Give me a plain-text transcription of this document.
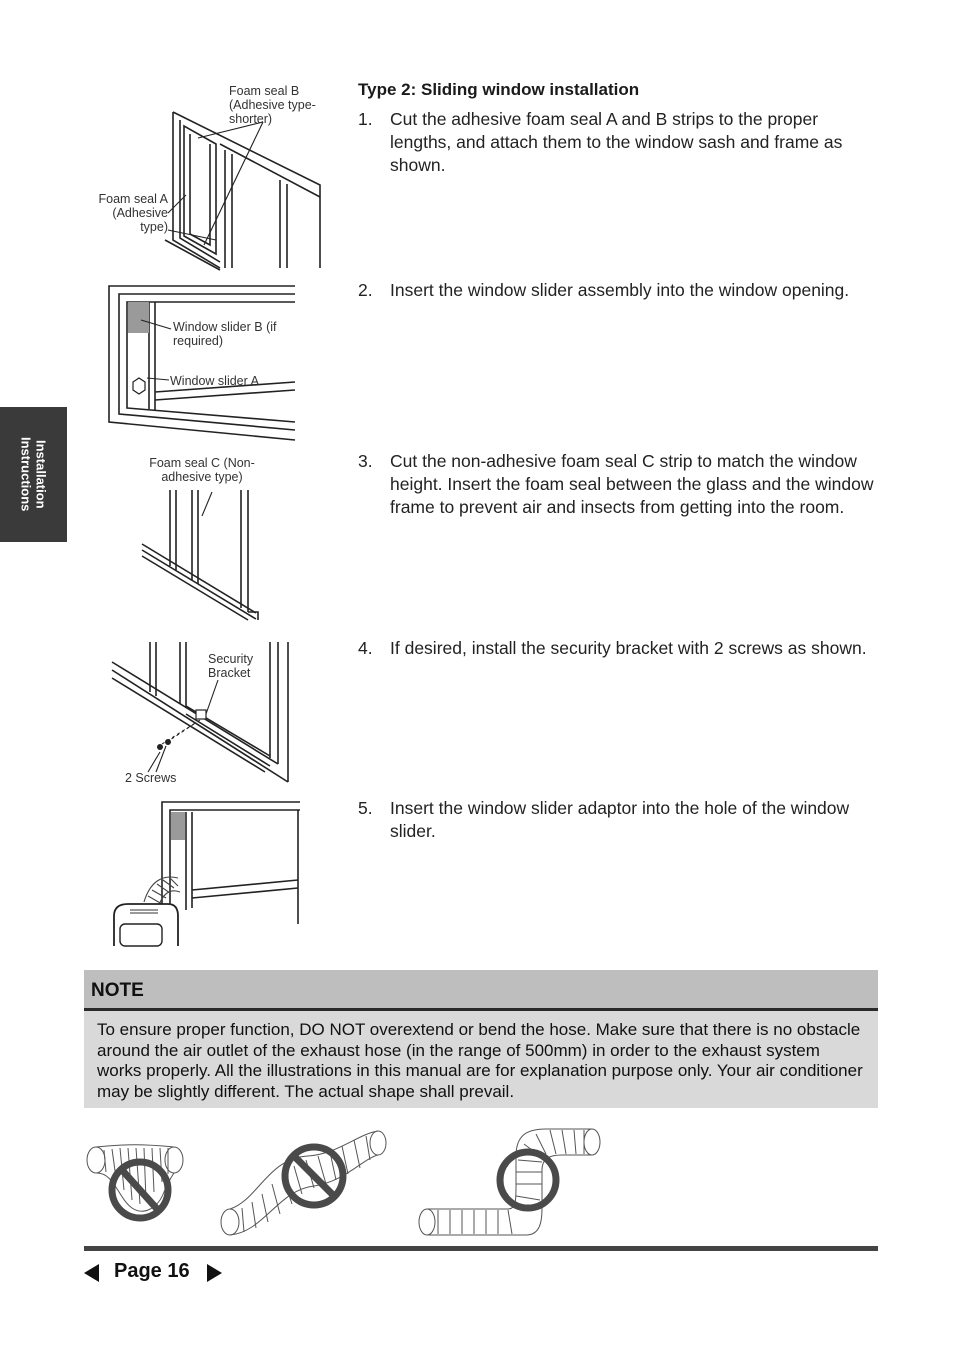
Installation Instructions
Type 2: Sliding window installation
1. Cut the adhesive foam seal A and B strips to the proper lengths, and attach them to the window sash and frame as shown.
2. Insert the window slider assembly into the window opening.
3. Cut the non-adhesive foam seal C strip to match the window height. Insert the foam seal between the glass and the window frame to prevent air and insects from getting into the room.
4. If desired, install the security bracket with 2 screws as shown.
5. Insert the window slider adaptor into the hole of the window slider.
Foam seal B (Adhesive type-shorter)
Foam seal A (Adhesive type)
Window slider B (if required)
Window slider A
Foam seal C (Non-adhesive type)
Security Bracket
2 Screws
NOTE
To ensure proper function, DO NOT overextend or bend the hose. Make sure that there is no obstacle around the air outlet of the exhaust hose (in the range of 500mm) in order to the exhaust system works properly. All the illustrations in this manual are for explanation purpose only. Your air conditioner may be slightly different. The actual shape shall prevail.
Page 16
